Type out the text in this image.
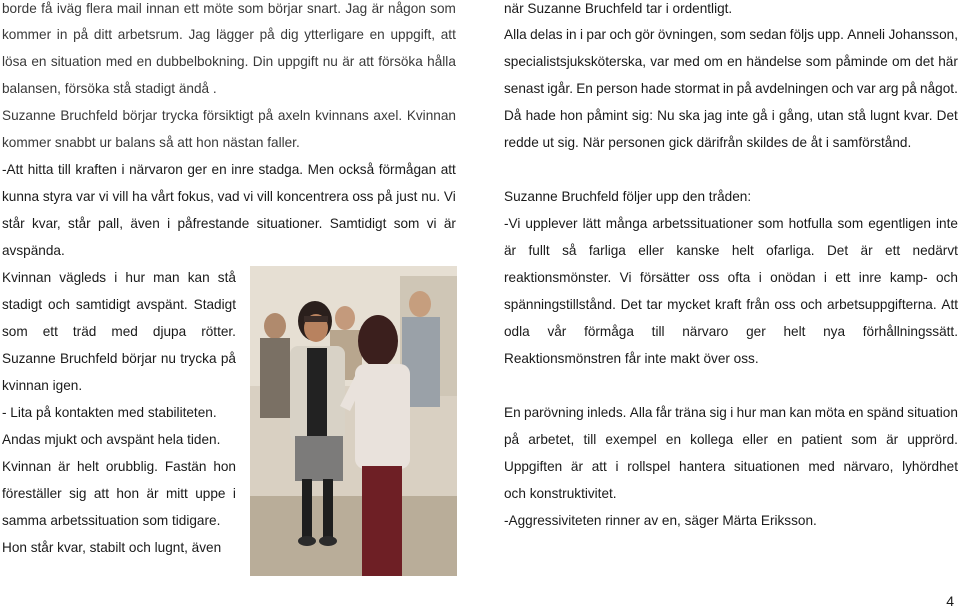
borde få iväg flera mail innan ett möte som börjar snart. Jag är någon som
kommer in på ditt arbetsrum. Jag lägger på dig ytterligare en uppgift, att
lösa en situation med en dubbelbokning. Din uppgift nu är att försöka hålla
balansen, försöka stå stadigt ändå .
Suzanne Bruchfeld börjar trycka försiktigt på axeln kvinnans axel. Kvinnan
kommer snabbt ur balans så att hon nästan faller.
-Att hitta till kraften i närvaron ger en inre stadga. Men också förmågan att
kunna styra var vi vill ha vårt fokus, vad vi vill koncentrera oss på just nu. Vi
står kvar, står pall, även i påfrestande situationer. Samtidigt som vi är
avspända.
Kvinnan vägleds i hur man kan stå
stadigt och samtidigt avspänt. Stadigt
som ett träd med djupa rötter.
Suzanne Bruchfeld börjar nu trycka på
kvinnan igen.
- Lita på kontakten med stabiliteten.
Andas mjukt och avspänt hela tiden.
Kvinnan är helt orubblig. Fastän hon
föreställer sig att hon är mitt uppe i
samma arbetssituation som tidigare.
Hon står kvar, stabilt och lugnt, även
när Suzanne Bruchfeld tar i ordentligt.
Alla delas in i par och gör övningen, som sedan följs upp. Anneli Johansson,
specialistsjuksköterska, var med om en händelse som påminde om det här
senast igår. En person hade stormat in på avdelningen och var arg på något.
Då hade hon påmint sig: Nu ska jag inte gå i gång, utan stå lugnt kvar. Det
redde ut sig. När personen gick därifrån skildes de åt i samförstånd.
Suzanne Bruchfeld följer upp den tråden:
-Vi upplever lätt många arbetssituationer som hotfulla som egentligen inte
är fullt så farliga eller kanske helt ofarliga. Det är ett nedärvt
reaktionsmönster. Vi försätter oss ofta i onödan i ett inre kamp- och
spänningstillstånd. Det tar mycket kraft från oss och arbetsuppgifterna. Att
odla vår förmåga till närvaro ger helt nya förhållningssätt.
Reaktionsmönstren får inte makt över oss.
En parövning inleds. Alla får träna sig i hur man kan möta en spänd situation
på arbetet, till exempel en kollega eller en patient som är upprörd.
Uppgiften är att i rollspel hantera situationen med närvaro, lyhördhet
och konstruktivitet.
-Aggressiviteten rinner av en, säger Märta Eriksson.
4
